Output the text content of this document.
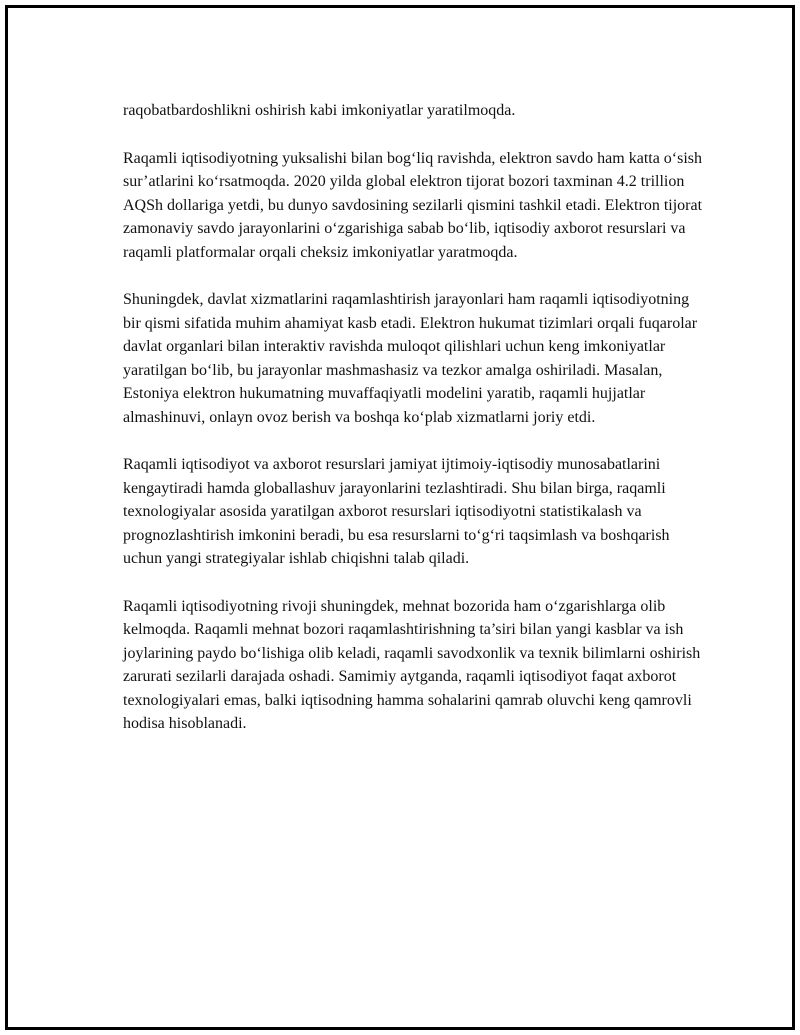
raqobatbardoshlikni oshirish kabi imkoniyatlar yaratilmoqda.

Raqamli iqtisodiyotning yuksalishi bilan bog‘liq ravishda, elektron savdo ham katta o‘sish sur’atlarini ko‘rsatmoqda. 2020 yilda global elektron tijorat bozori taxminan 4.2 trillion AQSh dollariga yetdi, bu dunyo savdosining sezilarli qismini tashkil etadi. Elektron tijorat zamonaviy savdo jarayonlarini o‘zgarishiga sabab bo‘lib, iqtisodiy axborot resurslari va raqamli platformalar orqali cheksiz imkoniyatlar yaratmoqda.

Shuningdek, davlat xizmatlarini raqamlashtirish jarayonlari ham raqamli iqtisodiyotning bir qismi sifatida muhim ahamiyat kasb etadi. Elektron hukumat tizimlari orqali fuqarolar davlat organlari bilan interaktiv ravishda muloqot qilishlari uchun keng imkoniyatlar yaratilgan bo‘lib, bu jarayonlar mashmashasiz va tezkor amalga oshiriladi. Masalan, Estoniya elektron hukumatning muvaffaqiyatli modelini yaratib, raqamli hujjatlar almashinuvi, onlayn ovoz berish va boshqa ko‘plab xizmatlarni joriy etdi.

Raqamli iqtisodiyot va axborot resurslari jamiyat ijtimoiy-iqtisodiy munosabatlarini kengaytiradi hamda globallashuv jarayonlarini tezlashtiradi. Shu bilan birga, raqamli texnologiyalar asosida yaratilgan axborot resurslari iqtisodiyotni statistikalash va prognozlashtirish imkonini beradi, bu esa resurslarni to‘g‘ri taqsimlash va boshqarish uchun yangi strategiyalar ishlab chiqishni talab qiladi.

Raqamli iqtisodiyotning rivoji shuningdek, mehnat bozorida ham o‘zgarishlarga olib kelmoqda. Raqamli mehnat bozori raqamlashtirishning ta’siri bilan yangi kasblar va ish joylarining paydo bo‘lishiga olib keladi, raqamli savodxonlik va texnik bilimlarni oshirish zarurati sezilarli darajada oshadi. Samimiy aytganda, raqamli iqtisodiyot faqat axborot texnologiyalari emas, balki iqtisodning hamma sohalarini qamrab oluvchi keng qamrovli hodisa hisoblanadi.
